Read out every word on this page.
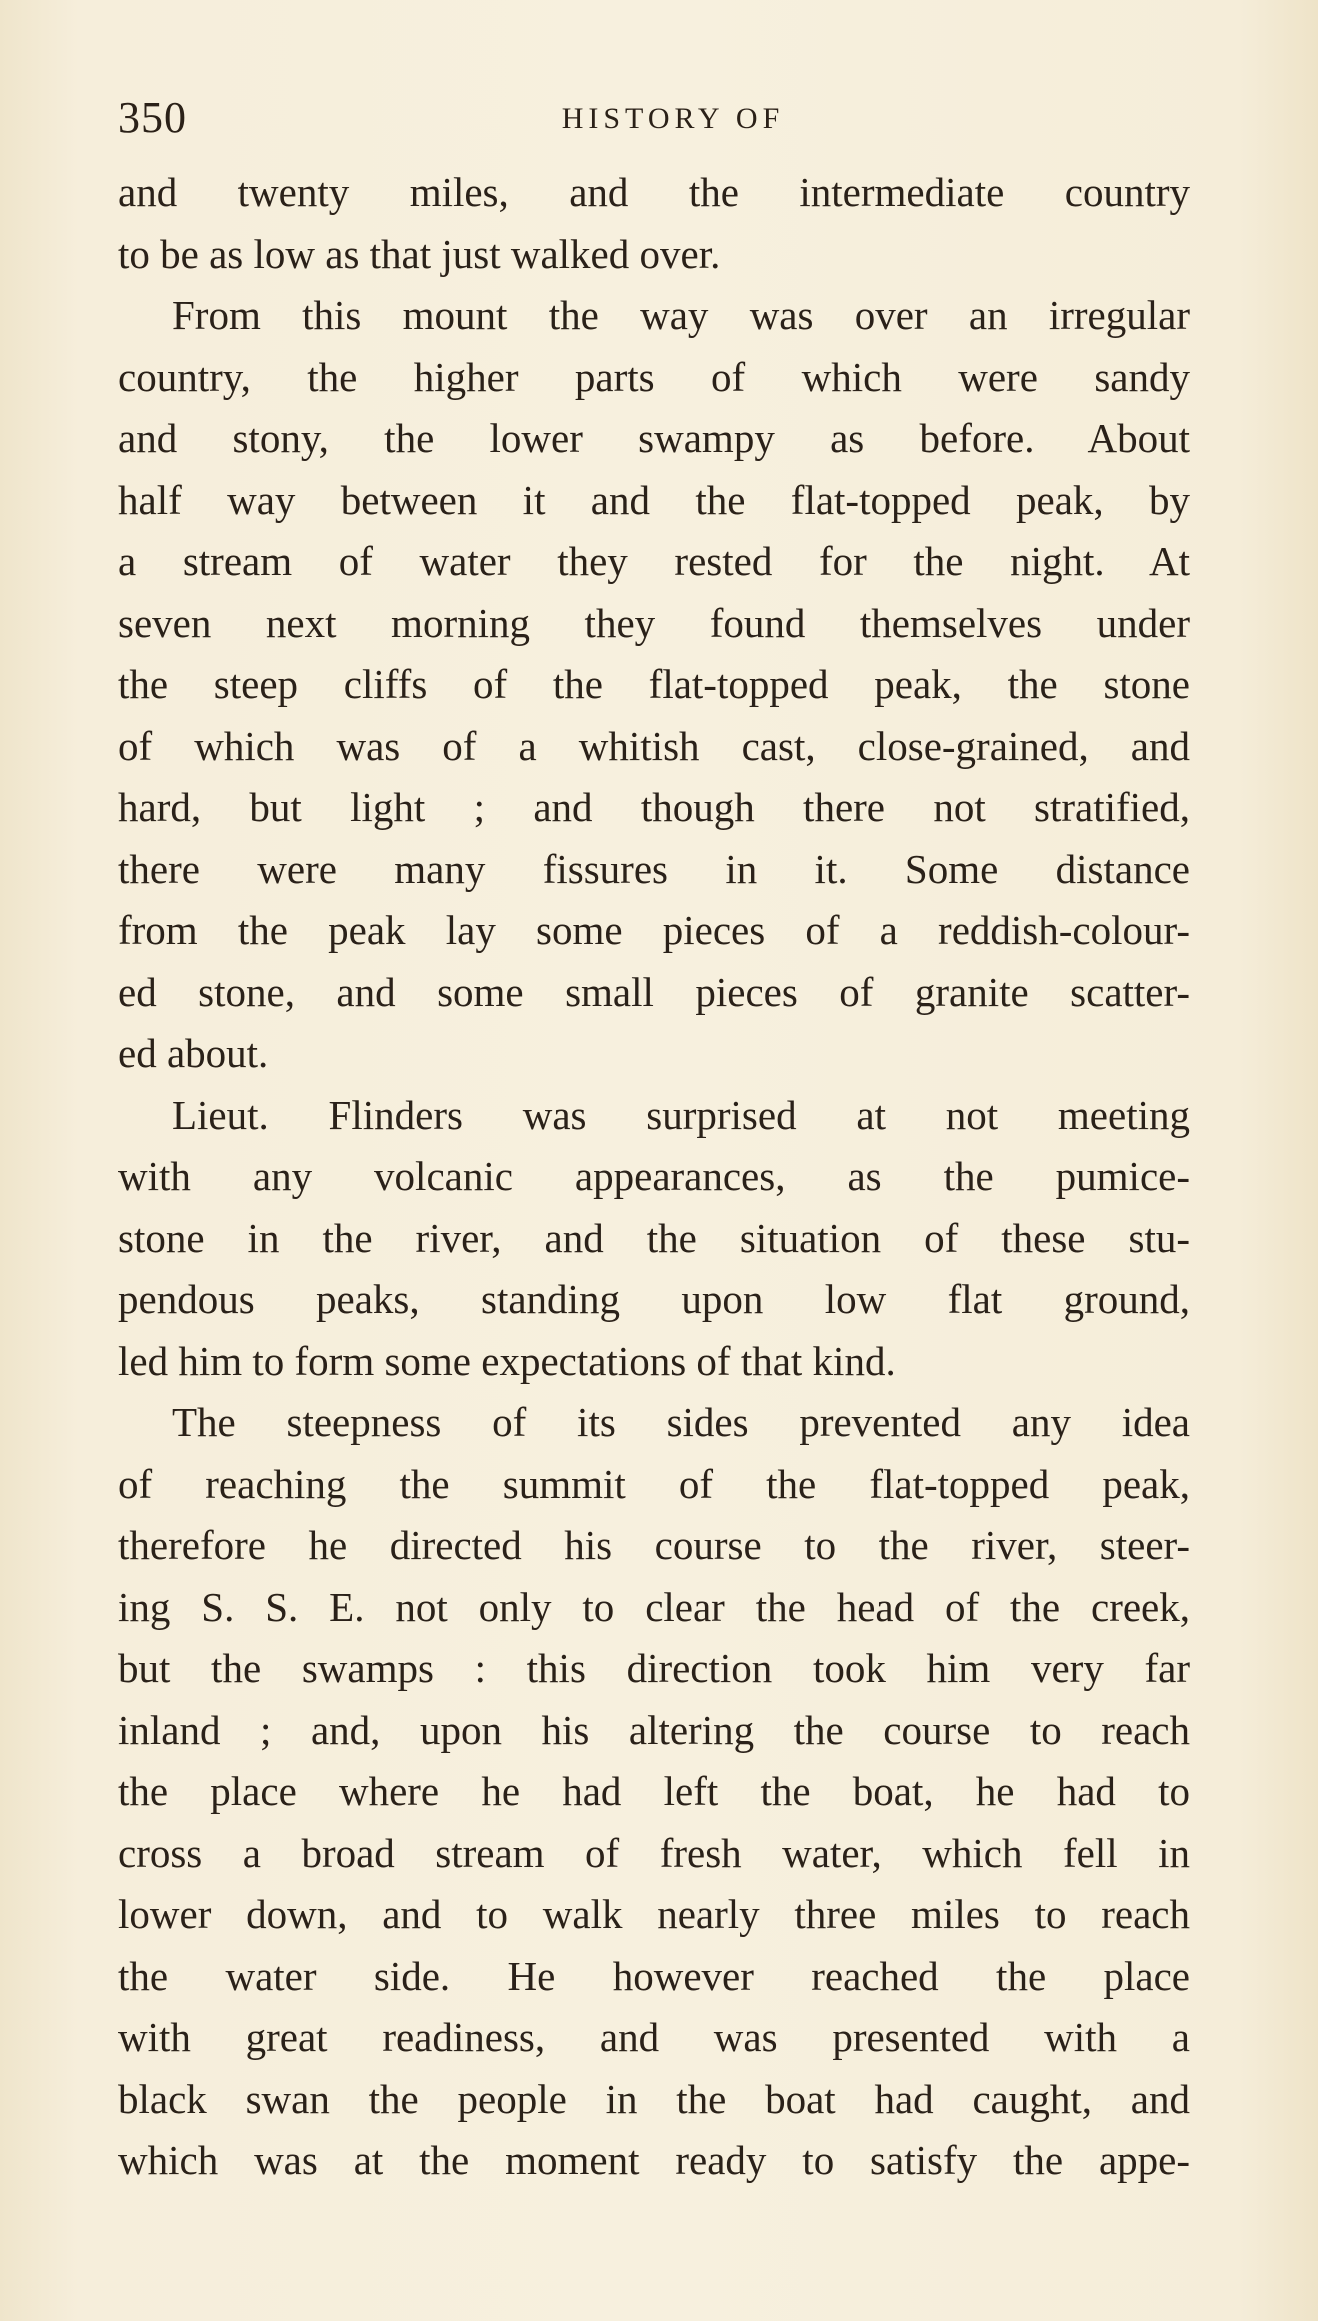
350	HISTORY OF
and twenty miles, and the intermediate country
to be as low as that just walked over.
From this mount the way was over an irregular
country, the higher parts of which were sandy
and stony, the lower swampy as before. About
half way between it and the flat-topped peak, by
a stream of water they rested for the night. At
seven next morning they found themselves under
the steep cliffs of the flat-topped peak, the stone
of which was of a whitish cast, close-grained, and
hard, but light ; and though there not stratified,
there were many fissures in it. Some distance
from the peak lay some pieces of a reddish-colour-
ed stone, and some small pieces of granite scatter-
ed about.
Lieut. Flinders was surprised at not meeting
with any volcanic appearances, as the pumice-
stone in the river, and the situation of these stu-
pendous peaks, standing upon low flat ground,
led him to form some expectations of that kind.
The steepness of its sides prevented any idea
of reaching the summit of the flat-topped peak,
therefore he directed his course to the river, steer-
ing S. S. E. not only to clear the head of the creek,
but the swamps : this direction took him very far
inland ; and, upon his altering the course to reach
the place where he had left the boat, he had to
cross a broad stream of fresh water, which fell in
lower down, and to walk nearly three miles to reach
the water side. He however reached the place
with great readiness, and was presented with a
black swan the people in the boat had caught, and
which was at the moment ready to satisfy the appe-
